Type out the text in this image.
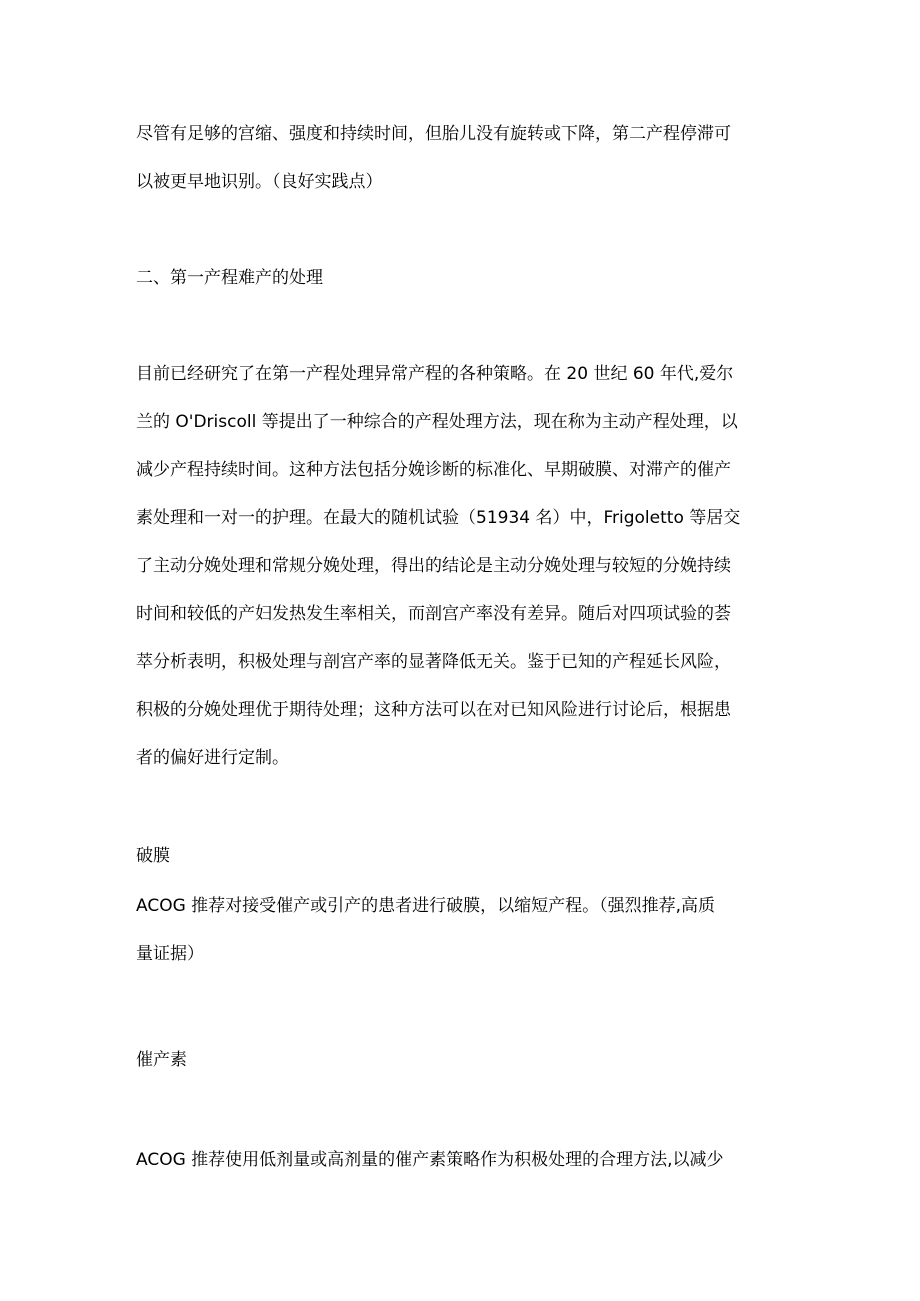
尽管有足够的宫缩、强度和持续时间，但胎儿没有旋转或下降，第二产程停滞可
以被更早地识别。（良好实践点）

二、第一产程难产的处理

目前已经研究了在第一产程处理异常产程的各种策略。在 20 世纪 60 年代,爱尔
兰的 O'Driscoll 等提出了一种综合的产程处理方法，现在称为主动产程处理，以
减少产程持续时间。这种方法包括分娩诊断的标准化、早期破膜、对滞产的催产
素处理和一对一的护理。在最大的随机试验（51934 名）中，Frigoletto 等居交
了主动分娩处理和常规分娩处理，得出的结论是主动分娩处理与较短的分娩持续
时间和较低的产妇发热发生率相关，而剖宫产率没有差异。随后对四项试验的荟
萃分析表明，积极处理与剖宫产率的显著降低无关。鉴于已知的产程延长风险，
积极的分娩处理优于期待处理；这种方法可以在对已知风险进行讨论后，根据患
者的偏好进行定制。

破膜

ACOG 推荐对接受催产或引产的患者进行破膜，以缩短产程。（强烈推荐,高质
量证据）

催产素

ACOG 推荐使用低剂量或高剂量的催产素策略作为积极处理的合理方法,以减少
